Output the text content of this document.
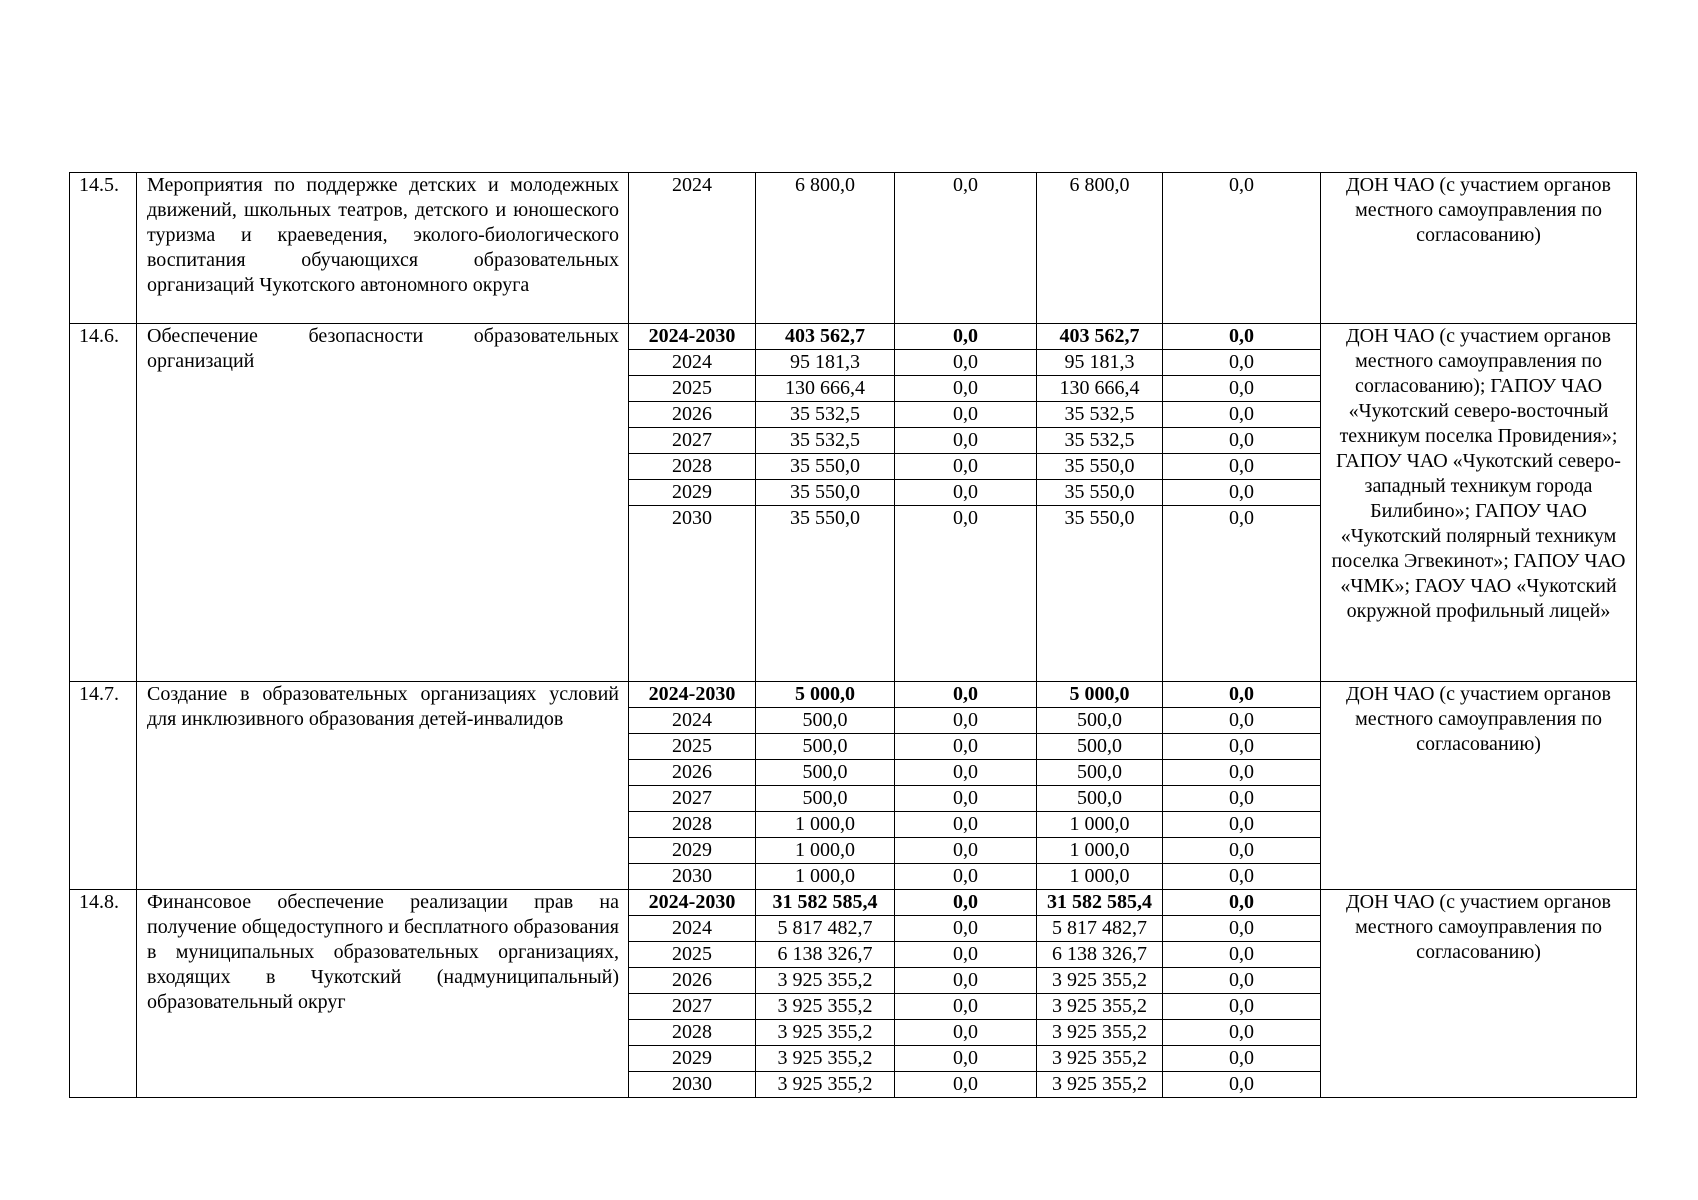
14.5.	Мероприятия по поддержке детских и молодежных движений, школьных театров, детского и юношеского туризма и краеведения, эколого-биологического воспитания обучающихся образовательных организаций Чукотского автономного округа	2024	6 800,0	0,0	6 800,0	0,0	ДОН ЧАО (с участием органов местного самоуправления по согласованию)
14.6.	Обеспечение безопасности образовательных организаций	2024-2030	403 562,7	0,0	403 562,7	0,0	ДОН ЧАО (с участием органов местного самоуправления по согласованию); ГАПОУ ЧАО «Чукотский северо-восточный техникум поселка Провидения»; ГАПОУ ЧАО «Чукотский северо-западный техникум города Билибино»; ГАПОУ ЧАО «Чукотский полярный техникум поселка Эгвекинот»; ГАПОУ ЧАО «ЧМК»; ГАОУ ЧАО «Чукотский окружной профильный лицей»
		2024	95 181,3	0,0	95 181,3	0,0	
		2025	130 666,4	0,0	130 666,4	0,0	
		2026	35 532,5	0,0	35 532,5	0,0	
		2027	35 532,5	0,0	35 532,5	0,0	
		2028	35 550,0	0,0	35 550,0	0,0	
		2029	35 550,0	0,0	35 550,0	0,0	
		2030	35 550,0	0,0	35 550,0	0,0	
14.7.	Создание в образовательных организациях условий для инклюзивного образования детей-инвалидов	2024-2030	5 000,0	0,0	5 000,0	0,0	ДОН ЧАО (с участием органов местного самоуправления по согласованию)
		2024	500,0	0,0	500,0	0,0	
		2025	500,0	0,0	500,0	0,0	
		2026	500,0	0,0	500,0	0,0	
		2027	500,0	0,0	500,0	0,0	
		2028	1 000,0	0,0	1 000,0	0,0	
		2029	1 000,0	0,0	1 000,0	0,0	
		2030	1 000,0	0,0	1 000,0	0,0	
14.8.	Финансовое обеспечение реализации прав на получение общедоступного и бесплатного образования в муниципальных образовательных организациях, входящих в Чукотский (надмуниципальный) образовательный округ	2024-2030	31 582 585,4	0,0	31 582 585,4	0,0	ДОН ЧАО (с участием органов местного самоуправления по согласованию)
		2024	5 817 482,7	0,0	5 817 482,7	0,0	
		2025	6 138 326,7	0,0	6 138 326,7	0,0	
		2026	3 925 355,2	0,0	3 925 355,2	0,0	
		2027	3 925 355,2	0,0	3 925 355,2	0,0	
		2028	3 925 355,2	0,0	3 925 355,2	0,0	
		2029	3 925 355,2	0,0	3 925 355,2	0,0	
		2030	3 925 355,2	0,0	3 925 355,2	0,0	
